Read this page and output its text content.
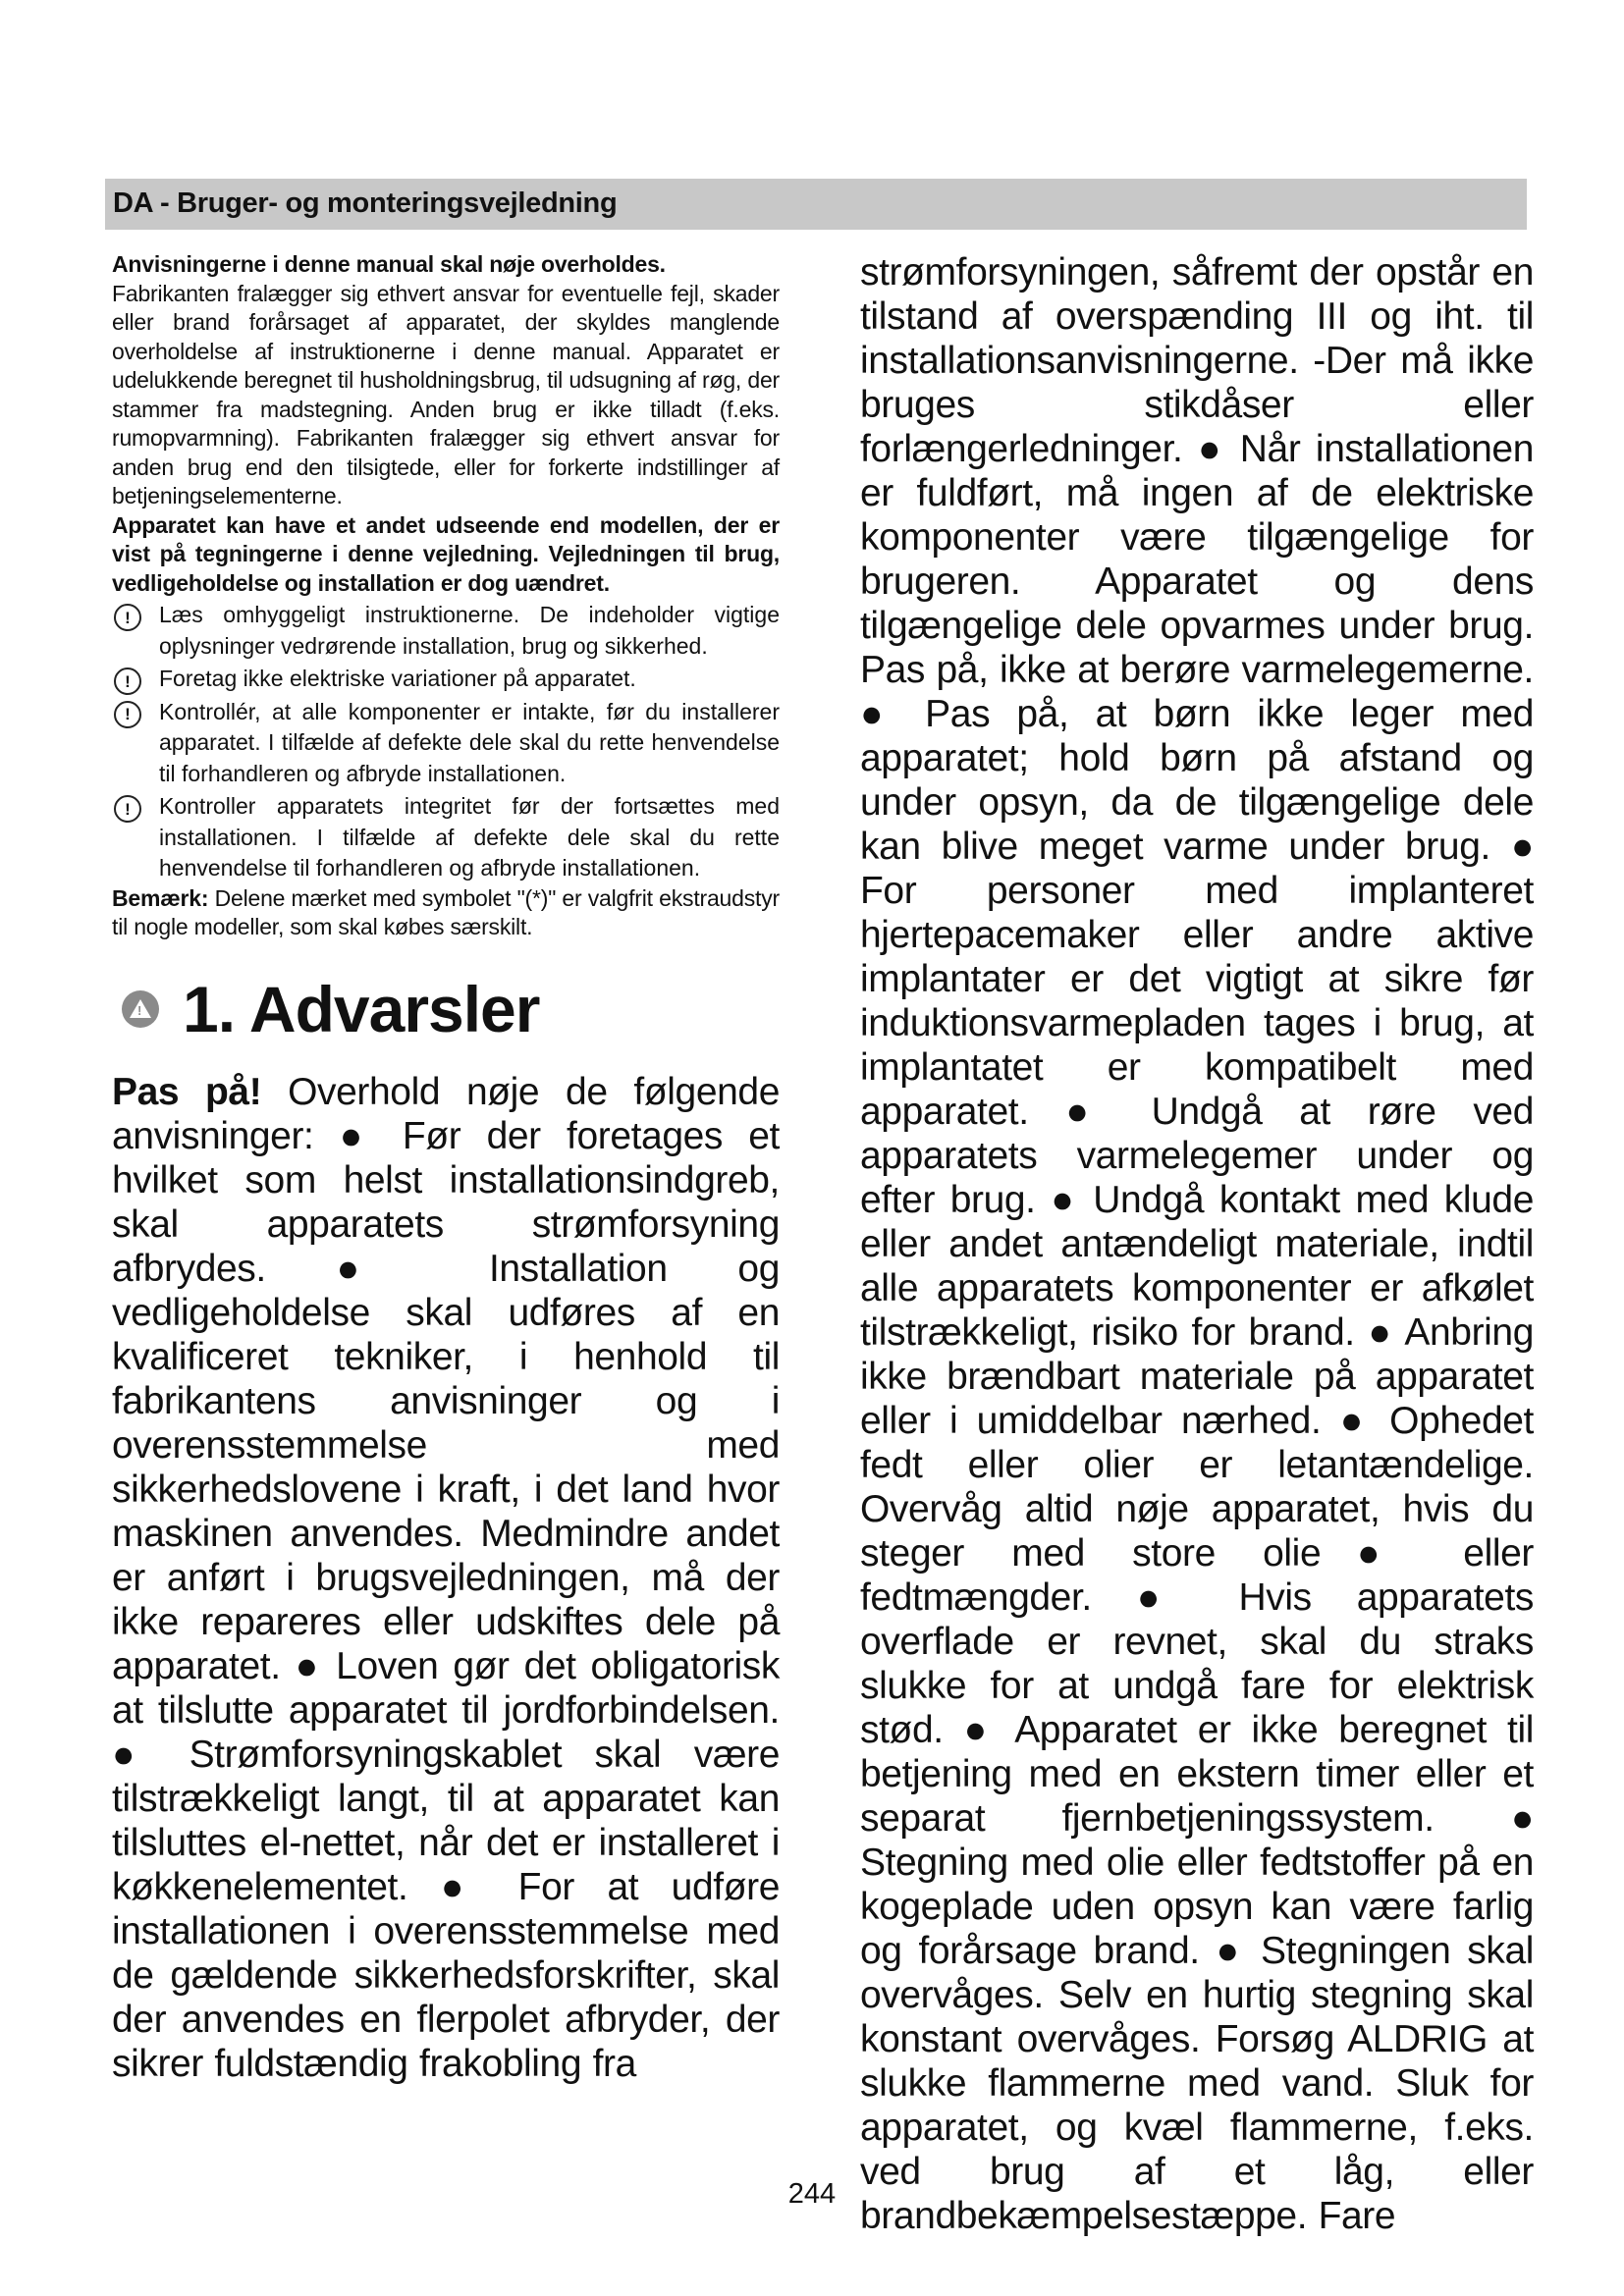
DA - Bruger- og monteringsvejledning
Anvisningerne i denne manual skal nøje overholdes.
Fabrikanten fralægger sig ethvert ansvar for eventuelle fejl, skader eller brand forårsaget af apparatet, der skyldes manglende overholdelse af instruktionerne i denne manual. Apparatet er udelukkende beregnet til husholdningsbrug, til udsugning af røg, der stammer fra madstegning. Anden brug er ikke tilladt (f.eks. rumopvarmning). Fabrikanten fralægger sig ethvert ansvar for anden brug end den tilsigtede, eller for forkerte indstillinger af betjeningselementerne.
Apparatet kan have et andet udseende end modellen, der er vist på tegningerne i denne vejledning. Vejledningen til brug, vedligeholdelse og installation er dog uændret.
!	Læs omhyggeligt instruktionerne. De indeholder vigtige oplysninger vedrørende installation, brug og sikkerhed.
!	Foretag ikke elektriske variationer på apparatet.
!	Kontrollér, at alle komponenter er intakte, før du installerer apparatet. I tilfælde af defekte dele skal du rette henvendelse til forhandleren og afbryde installationen.
!	Kontroller apparatets integritet før der fortsættes med installationen. I tilfælde af defekte dele skal du rette henvendelse til forhandleren og afbryde installationen.
Bemærk: Delene mærket med symbolet "(*)" er valgfrit ekstraudstyr til nogle modeller, som skal købes særskilt.
!
1. Advarsler
Pas på! Overhold nøje de følgende anvisninger: ● Før der foretages et hvilket som helst installationsindgreb, skal apparatets strømforsyning afbrydes. ● Installation og vedligeholdelse skal udføres af en kvalificeret tekniker, i henhold til fabrikantens anvisninger og i overensstemmelse med sikkerhedslovene i kraft, i det land hvor maskinen anvendes. Medmindre andet er anført i brugsvejledningen, må der ikke repareres eller udskiftes dele på apparatet. ● Loven gør det obligatorisk at tilslutte apparatet til jordforbindelsen. ● Strømforsyningskablet skal være tilstrækkeligt langt, til at apparatet kan tilsluttes el-nettet, når det er installeret i køkkenelementet. ● For at udføre installationen i overensstemmelse med de gældende sikkerhedsforskrifter, skal der anvendes en flerpolet afbryder, der sikrer fuldstændig frakobling fra
strømforsyningen, såfremt der opstår en tilstand af overspænding III og iht. til installationsanvisningerne. -Der må ikke bruges stikdåser eller forlængerledninger. ● Når installationen er fuldført, må ingen af de elektriske komponenter være tilgængelige for brugeren. Apparatet og dens tilgængelige dele opvarmes under brug. Pas på, ikke at berøre varmelegemerne. ● Pas på, at børn ikke leger med apparatet; hold børn på afstand og under opsyn, da de tilgængelige dele kan blive meget varme under brug. ● For personer med implanteret hjertepacemaker eller andre aktive implantater er det vigtigt at sikre før induktionsvarmepladen tages i brug, at implantatet er kompatibelt med apparatet. ● Undgå at røre ved apparatets varmelegemer under og efter brug. ● Undgå kontakt med klude eller andet antændeligt materiale, indtil alle apparatets komponenter er afkølet tilstrækkeligt, risiko for brand. ● Anbring ikke brændbart materiale på apparatet eller i umiddelbar nærhed. ● Ophedet fedt eller olier er letantændelige. Overvåg altid nøje apparatet, hvis du steger med store olie● eller fedtmængder. ● Hvis apparatets overflade er revnet, skal du straks slukke for at undgå fare for elektrisk stød. ● Apparatet er ikke beregnet til betjening med en ekstern timer eller et separat fjernbetjeningssystem. ● Stegning med olie eller fedtstoffer på en kogeplade uden opsyn kan være farlig og forårsage brand. ● Stegningen skal overvåges. Selv en hurtig stegning skal konstant overvåges. Forsøg ALDRIG at slukke flammerne med vand. Sluk for apparatet, og kvæl flammerne, f.eks. ved brug af et låg, eller brandbekæmpelsestæppe. Fare
244
